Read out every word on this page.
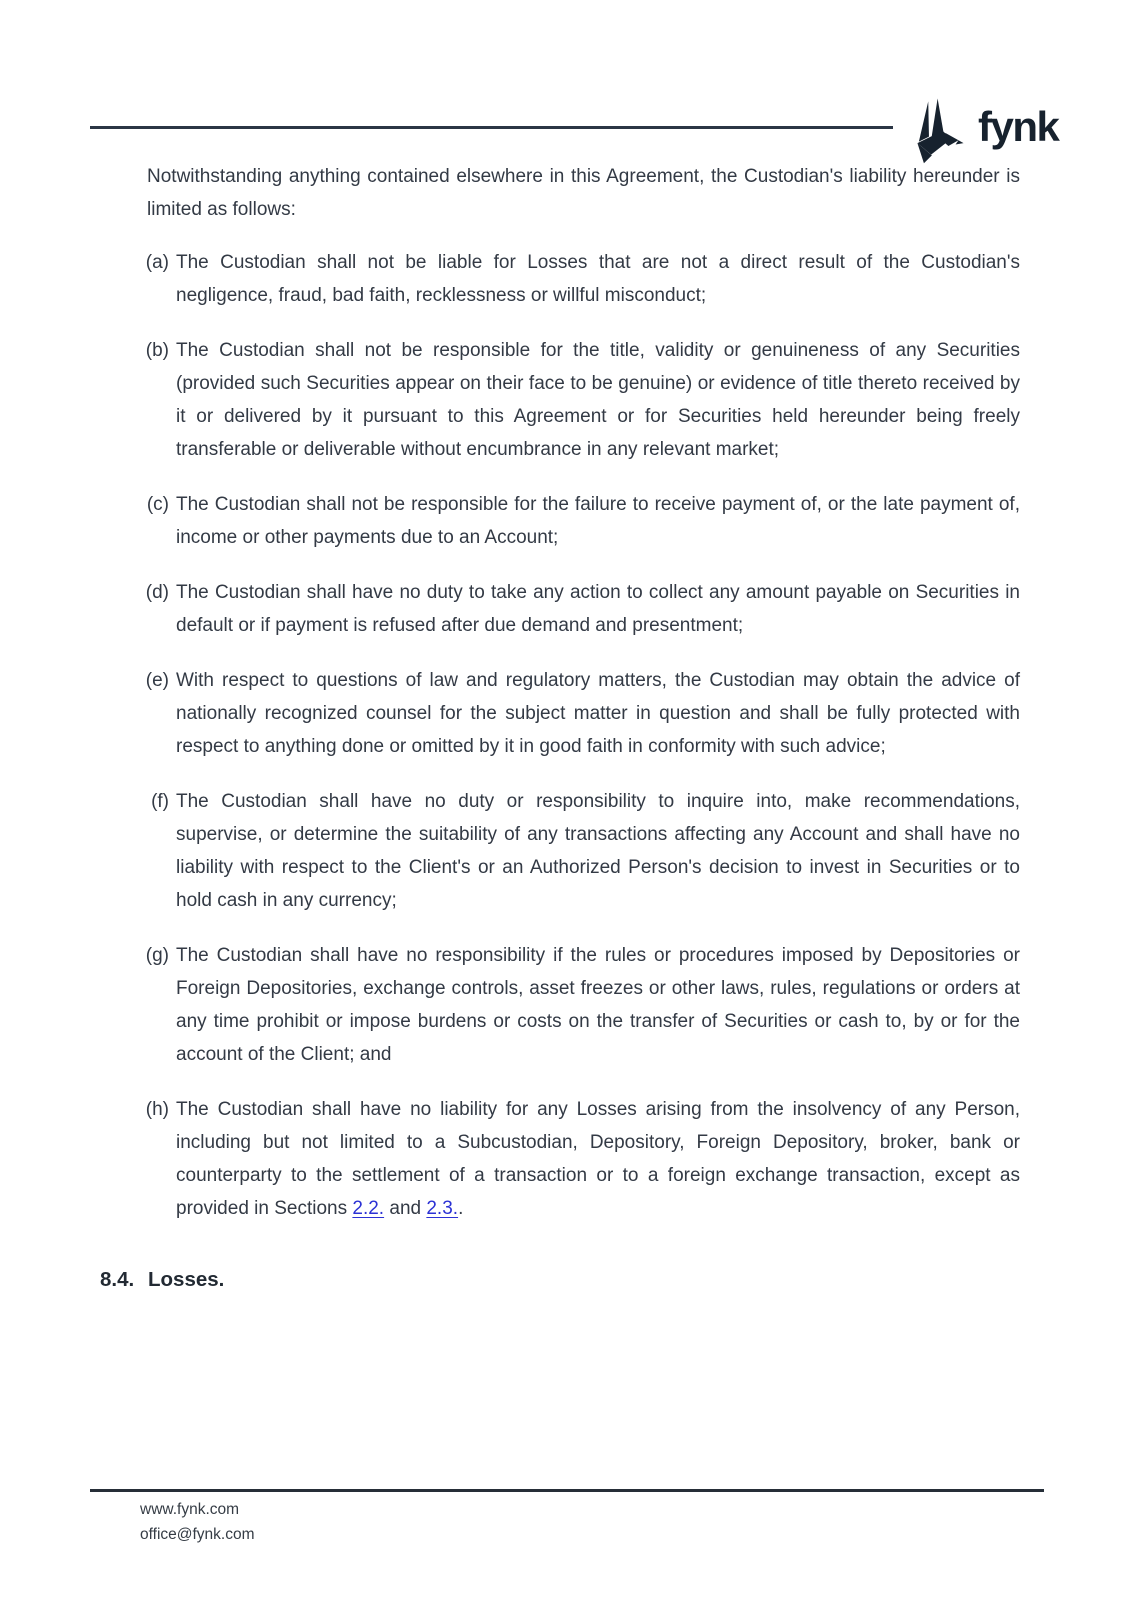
fynk

Notwithstanding anything contained elsewhere in this Agreement, the Custodian's liability hereunder is limited as follows:

(a) The Custodian shall not be liable for Losses that are not a direct result of the Custodian's negligence, fraud, bad faith, recklessness or willful misconduct;
(b) The Custodian shall not be responsible for the title, validity or genuineness of any Securities (provided such Securities appear on their face to be genuine) or evidence of title thereto received by it or delivered by it pursuant to this Agreement or for Securities held hereunder being freely transferable or deliverable without encumbrance in any relevant market;
(c) The Custodian shall not be responsible for the failure to receive payment of, or the late payment of, income or other payments due to an Account;
(d) The Custodian shall have no duty to take any action to collect any amount payable on Securities in default or if payment is refused after due demand and presentment;
(e) With respect to questions of law and regulatory matters, the Custodian may obtain the advice of nationally recognized counsel for the subject matter in question and shall be fully protected with respect to anything done or omitted by it in good faith in conformity with such advice;
(f) The Custodian shall have no duty or responsibility to inquire into, make recommendations, supervise, or determine the suitability of any transactions affecting any Account and shall have no liability with respect to the Client's or an Authorized Person's decision to invest in Securities or to hold cash in any currency;
(g) The Custodian shall have no responsibility if the rules or procedures imposed by Depositories or Foreign Depositories, exchange controls, asset freezes or other laws, rules, regulations or orders at any time prohibit or impose burdens or costs on the transfer of Securities or cash to, by or for the account of the Client; and
(h) The Custodian shall have no liability for any Losses arising from the insolvency of any Person, including but not limited to a Subcustodian, Depository, Foreign Depository, broker, bank or counterparty to the settlement of a transaction or to a foreign exchange transaction, except as provided in Sections 2.2. and 2.3..
8.4. Losses.
www.fynk.com
office@fynk.com
